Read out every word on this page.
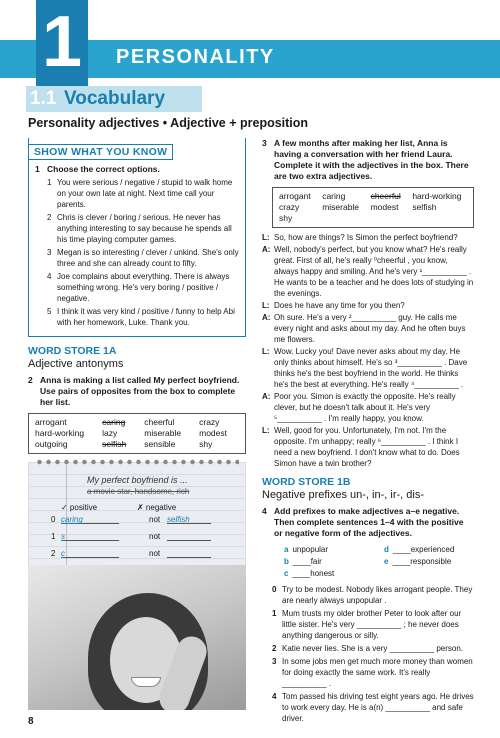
1 PERSONALITY
1.1 Vocabulary
Personality adjectives • Adjective + preposition
SHOW WHAT YOU KNOW
1 Choose the correct options.
1 You were serious / negative / stupid to walk home on your own late at night. Next time call your parents.
2 Chris is clever / boring / serious. He never has anything interesting to say because he spends all his time playing computer games.
3 Megan is so interesting / clever / unkind. She's only three and she can already count to fifty.
4 Joe complains about everything. There is always something wrong. He's very boring / positive / negative.
5 I think it was very kind / positive / funny to help Abi with her homework, Luke. Thank you.
WORD STORE 1A
Adjective antonyms
2 Anna is making a list called My perfect boyfriend. Use pairs of opposites from the box to complete her list.
arrogant	caring	cheerful	crazy
hard-working	lazy	miserable	modest
outgoing	selfish	sensible	shy
My perfect boyfriend is ...
a movie star, handsome, rich
✓ positive	✗ negative
0 caring	not selfish
1 s	not
2 c	not
8
3 A few months after making her list, Anna is having a conversation with her friend Laura. Complete it with the adjectives in the box. There are two extra adjectives.
arrogant	caring	cheerful	hard-working
crazy	miserable	modest	selfish
shy
L: So, how are things? Is Simon the perfect boyfriend?
A: Well, nobody's perfect, but you know what? He's really great. First of all, he's really ⁰cheerful , you know, always happy and smiling. And he's very ¹__________ . He wants to be a teacher and he does lots of studying in the evenings.
L: Does he have any time for you then?
A: Oh sure. He's a very ²__________ guy. He calls me every night and asks about my day. And he often buys me flowers.
L: Wow. Lucky you! Dave never asks about my day. He only thinks about himself. He's so ³__________ . Dave thinks he's the best boyfriend in the world. He thinks he's the best at everything. He's really ⁴__________ .
A: Poor you. Simon is exactly the opposite. He's really clever, but he doesn't talk about it. He's very ⁵__________ . I'm really happy, you know.
L: Well, good for you. Unfortunately, I'm not. I'm the opposite. I'm unhappy; really ⁶__________ . I think I need a new boyfriend. I don't know what to do. Does Simon have a twin brother?
WORD STORE 1B
Negative prefixes un-, in-, ir-, dis-
4 Add prefixes to make adjectives a–e negative. Then complete sentences 1–4 with the positive or negative form of the adjectives.
a unpopular	d ____experienced
b ____fair	e ____responsible
c ____honest
0 Try to be modest. Nobody likes arrogant people. They are nearly always unpopular .
1 Mum trusts my older brother Peter to look after our little sister. He's very __________ ; he never does anything dangerous or silly.
2 Katie never lies. She is a very __________ person.
3 In some jobs men get much more money than women for doing exactly the same work. It's really __________ .
4 Tom passed his driving test eight years ago. He drives to work every day. He is a(n) __________ and safe driver.
